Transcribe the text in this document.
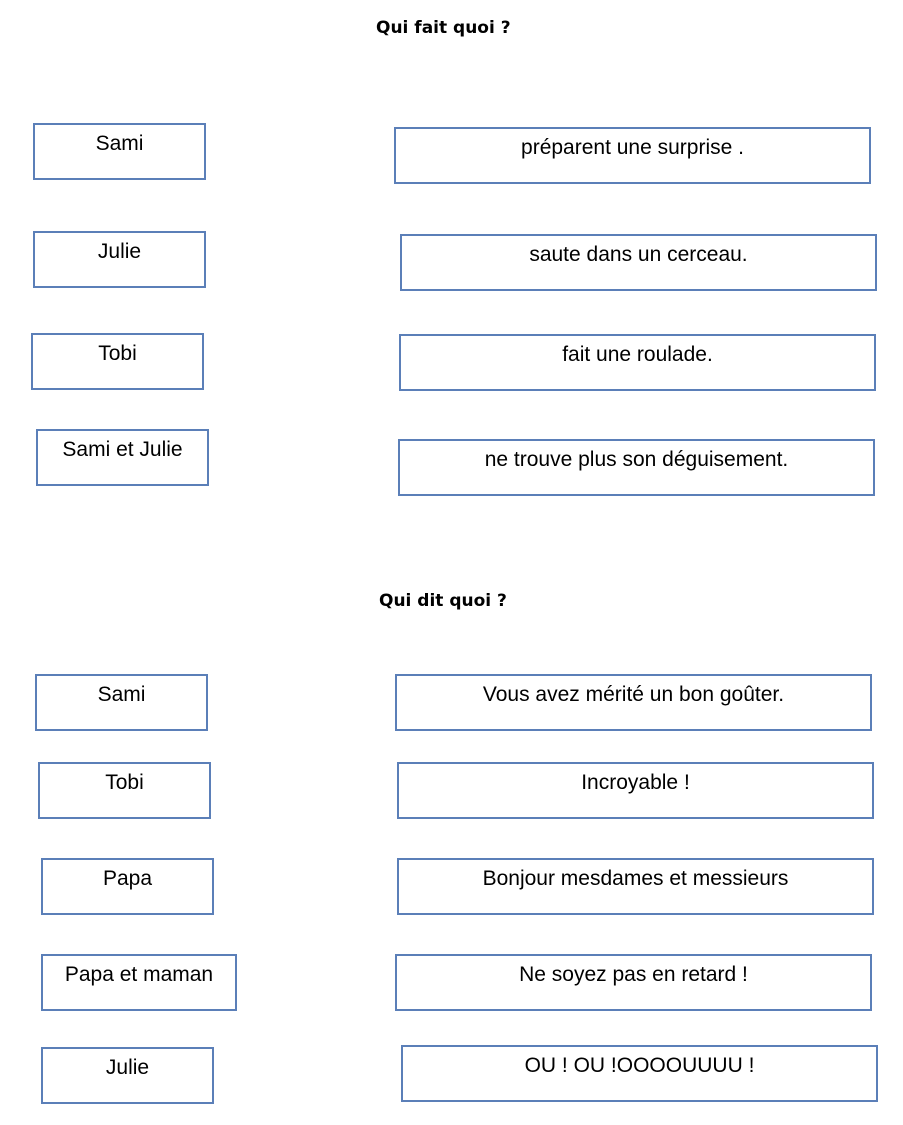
Qui fait quoi ?
Sami	préparent une surprise .
Julie	saute dans un cerceau.
Tobi	fait une roulade.
Sami et Julie	ne trouve plus son déguisement.
Qui dit quoi ?
Sami	Vous avez mérité un bon goûter.
Tobi	Incroyable !
Papa	Bonjour mesdames et messieurs
Papa et maman	Ne soyez pas en retard !
Julie	OU ! OU !OOOOUUUU !
